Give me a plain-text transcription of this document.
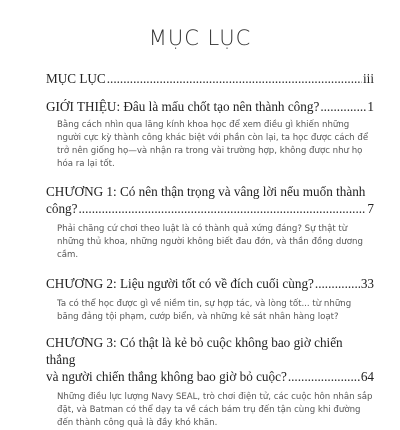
MỤC LỤC
MỤC LỤC .....	iii
GIỚI THIỆU: Đâu là mấu chốt tạo nên thành công? .....	1

Bằng cách nhìn qua lăng kính khoa học để xem điều gì khiến những người cực kỳ thành công khác biệt với phần còn lại, ta học được cách để trở nên giống họ—và nhận ra trong vài trường hợp, không được như họ hóa ra lại tốt.

CHƯƠNG 1: Có nên thận trọng và vâng lời nếu muốn thành
công? .....	7

Phải chăng cứ chơi theo luật là có thành quả xứng đáng? Sự thật từ những thủ khoa, những người không biết đau đớn, và thần đồng dương cầm.

CHƯƠNG 2: Liệu người tốt có về đích cuối cùng? .....	33

Ta có thể học được gì về niềm tin, sự hợp tác, và lòng tốt... từ những băng đảng tội phạm, cướp biển, và những kẻ sát nhân hàng loạt?

CHƯƠNG 3: Có thật là kẻ bỏ cuộc không bao giờ chiến thắng
và người chiến thắng không bao giờ bỏ cuộc? .....	64

Những điều lực lượng Navy SEAL, trò chơi điện tử, các cuộc hôn nhân sắp đặt, và Batman có thể dạy ta về cách bám trụ đến tận cùng khi đường đến thành công quả là đầy khó khăn.
